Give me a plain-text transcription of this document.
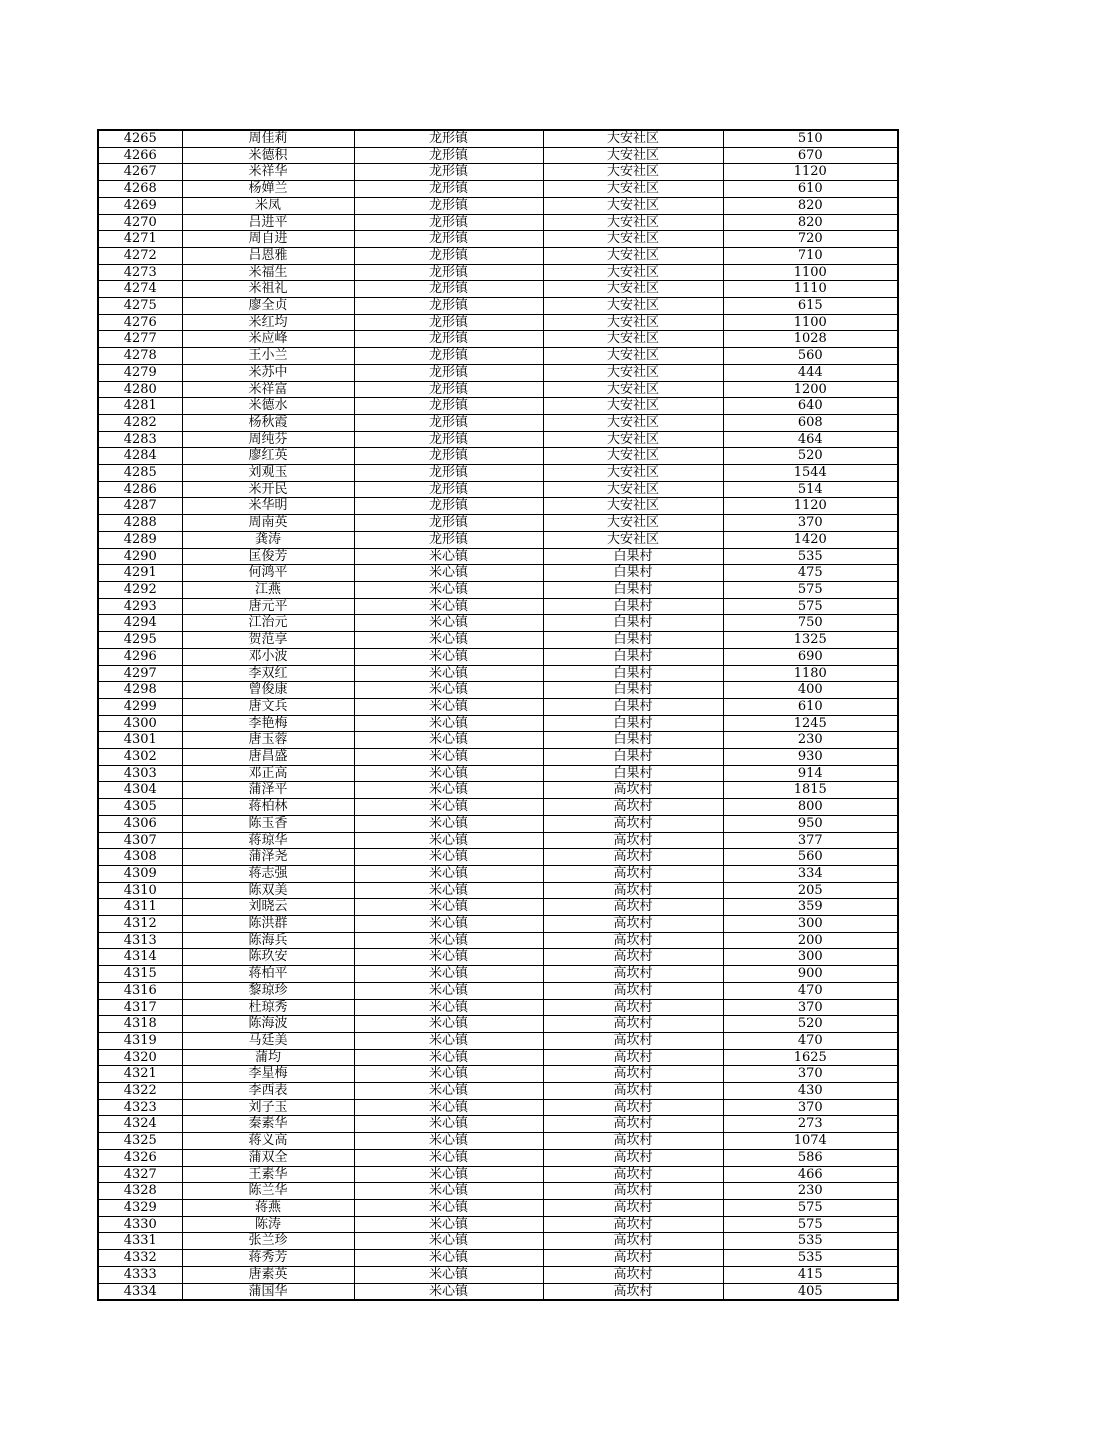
4265	周佳莉	龙形镇	大安社区	510
4266	米德积	龙形镇	大安社区	670
4267	米祥华	龙形镇	大安社区	1120
4268	杨婵兰	龙形镇	大安社区	610
4269	米凤	龙形镇	大安社区	820
4270	吕进平	龙形镇	大安社区	820
4271	周自进	龙形镇	大安社区	720
4272	吕恩雅	龙形镇	大安社区	710
4273	米福生	龙形镇	大安社区	1100
4274	米祖礼	龙形镇	大安社区	1110
4275	廖全贞	龙形镇	大安社区	615
4276	米红均	龙形镇	大安社区	1100
4277	米应峰	龙形镇	大安社区	1028
4278	王小兰	龙形镇	大安社区	560
4279	米苏中	龙形镇	大安社区	444
4280	米祥富	龙形镇	大安社区	1200
4281	米德水	龙形镇	大安社区	640
4282	杨秋霞	龙形镇	大安社区	608
4283	周纯芬	龙形镇	大安社区	464
4284	廖红英	龙形镇	大安社区	520
4285	刘观玉	龙形镇	大安社区	1544
4286	米开民	龙形镇	大安社区	514
4287	米华明	龙形镇	大安社区	1120
4288	周南英	龙形镇	大安社区	370
4289	龚涛	龙形镇	大安社区	1420
4290	匡俊芳	米心镇	白果村	535
4291	何鸿平	米心镇	白果村	475
4292	江燕	米心镇	白果村	575
4293	唐元平	米心镇	白果村	575
4294	江治元	米心镇	白果村	750
4295	贺范享	米心镇	白果村	1325
4296	邓小波	米心镇	白果村	690
4297	李双红	米心镇	白果村	1180
4298	曾俊康	米心镇	白果村	400
4299	唐文兵	米心镇	白果村	610
4300	李艳梅	米心镇	白果村	1245
4301	唐玉蓉	米心镇	白果村	230
4302	唐昌盛	米心镇	白果村	930
4303	邓正高	米心镇	白果村	914
4304	蒲泽平	米心镇	高坎村	1815
4305	蒋柏林	米心镇	高坎村	800
4306	陈玉香	米心镇	高坎村	950
4307	蒋琼华	米心镇	高坎村	377
4308	蒲泽尧	米心镇	高坎村	560
4309	蒋志强	米心镇	高坎村	334
4310	陈双美	米心镇	高坎村	205
4311	刘晓云	米心镇	高坎村	359
4312	陈洪群	米心镇	高坎村	300
4313	陈海兵	米心镇	高坎村	200
4314	陈玖安	米心镇	高坎村	300
4315	蒋柏平	米心镇	高坎村	900
4316	黎琼珍	米心镇	高坎村	470
4317	杜琼秀	米心镇	高坎村	370
4318	陈海波	米心镇	高坎村	520
4319	马廷美	米心镇	高坎村	470
4320	蒲均	米心镇	高坎村	1625
4321	李星梅	米心镇	高坎村	370
4322	李西表	米心镇	高坎村	430
4323	刘子玉	米心镇	高坎村	370
4324	秦素华	米心镇	高坎村	273
4325	蒋义高	米心镇	高坎村	1074
4326	蒲双全	米心镇	高坎村	586
4327	王素华	米心镇	高坎村	466
4328	陈兰华	米心镇	高坎村	230
4329	蒋燕	米心镇	高坎村	575
4330	陈涛	米心镇	高坎村	575
4331	张兰珍	米心镇	高坎村	535
4332	蒋秀芳	米心镇	高坎村	535
4333	唐素英	米心镇	高坎村	415
4334	蒲国华	米心镇	高坎村	405
